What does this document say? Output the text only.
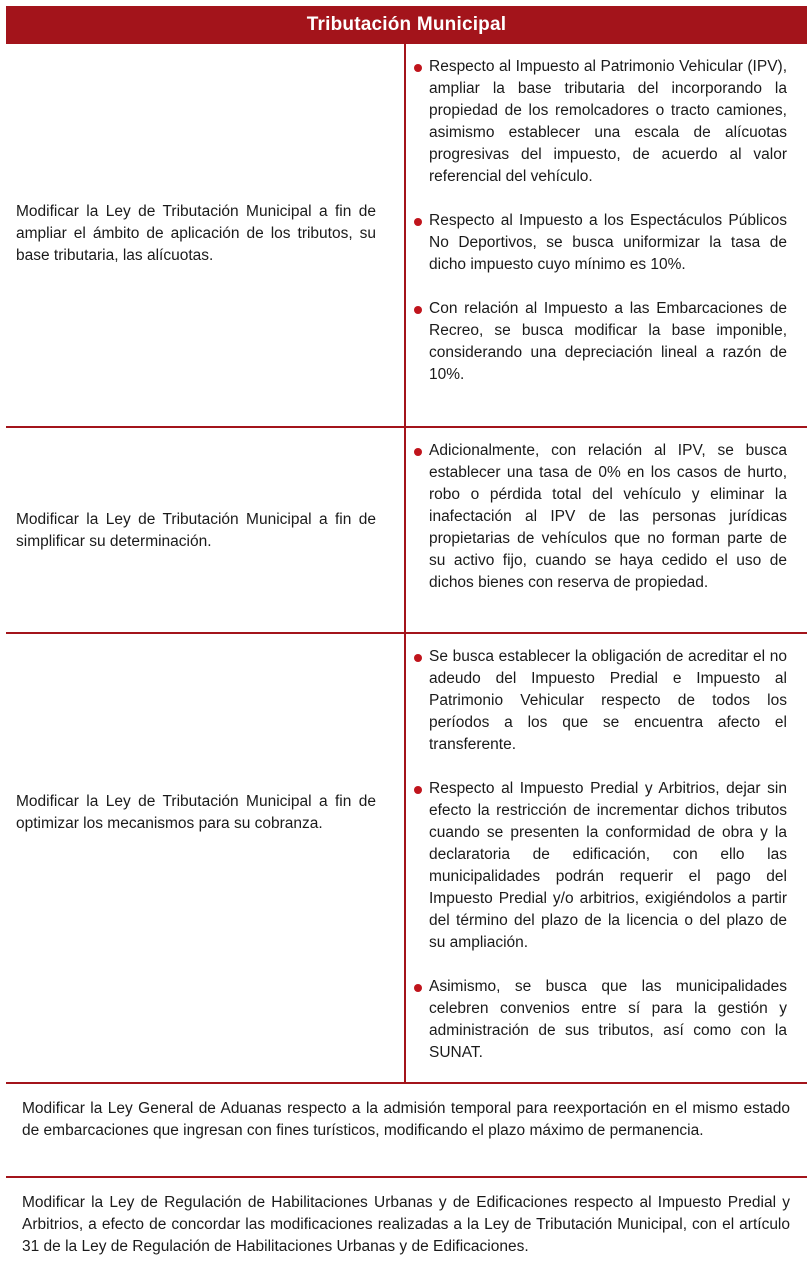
Tributación Municipal
Modificar la Ley de Tributación Municipal a fin de ampliar el ámbito de aplicación de los tributos, su base tributaria, las alícuotas.
Respecto al Impuesto al Patrimonio Vehicular (IPV), ampliar la base tributaria del incorporando la propiedad de los remolcadores o tracto camiones, asimismo establecer una escala de alícuotas progresivas del impuesto, de acuerdo al valor referencial del vehículo.
Respecto al Impuesto a los Espectáculos Públicos No Deportivos, se busca uniformizar la tasa de dicho impuesto cuyo mínimo es 10%.
Con relación al Impuesto a las Embarcaciones de Recreo, se busca modificar la base imponible, considerando una depreciación lineal a razón de 10%.
Modificar la Ley de Tributación Municipal a fin de simplificar su determinación.
Adicionalmente, con relación al IPV, se busca establecer una tasa de 0% en los casos de hurto, robo o pérdida total del vehículo y eliminar la inafectación al IPV de las personas jurídicas propietarias de vehículos que no forman parte de su activo fijo, cuando se haya cedido el uso de dichos bienes con reserva de propiedad.
Modificar la Ley de Tributación Municipal a fin de optimizar los mecanismos para su cobranza.
Se busca establecer la obligación de acreditar el no adeudo del Impuesto Predial e Impuesto al Patrimonio Vehicular respecto de todos los períodos a los que se encuentra afecto el transferente.
Respecto al Impuesto Predial y Arbitrios, dejar sin efecto la restricción de incrementar dichos tributos cuando se presenten la conformidad de obra y la declaratoria de edificación, con ello las municipalidades podrán requerir el pago del Impuesto Predial y/o arbitrios, exigiéndolos a partir del término del plazo de la licencia o del plazo de su ampliación.
Asimismo, se busca que las municipalidades celebren convenios entre sí para la gestión y administración de sus tributos, así como con la SUNAT.
Modificar la Ley General de Aduanas respecto a la admisión temporal para reexportación en el mismo estado de embarcaciones que ingresan con fines turísticos, modificando el plazo máximo de permanencia.
Modificar la Ley de Regulación de Habilitaciones Urbanas y de Edificaciones respecto al Impuesto Predial y Arbitrios, a efecto de concordar las modificaciones realizadas a la Ley de Tributación Municipal, con el artículo 31 de la Ley de Regulación de Habilitaciones Urbanas y de Edificaciones.
